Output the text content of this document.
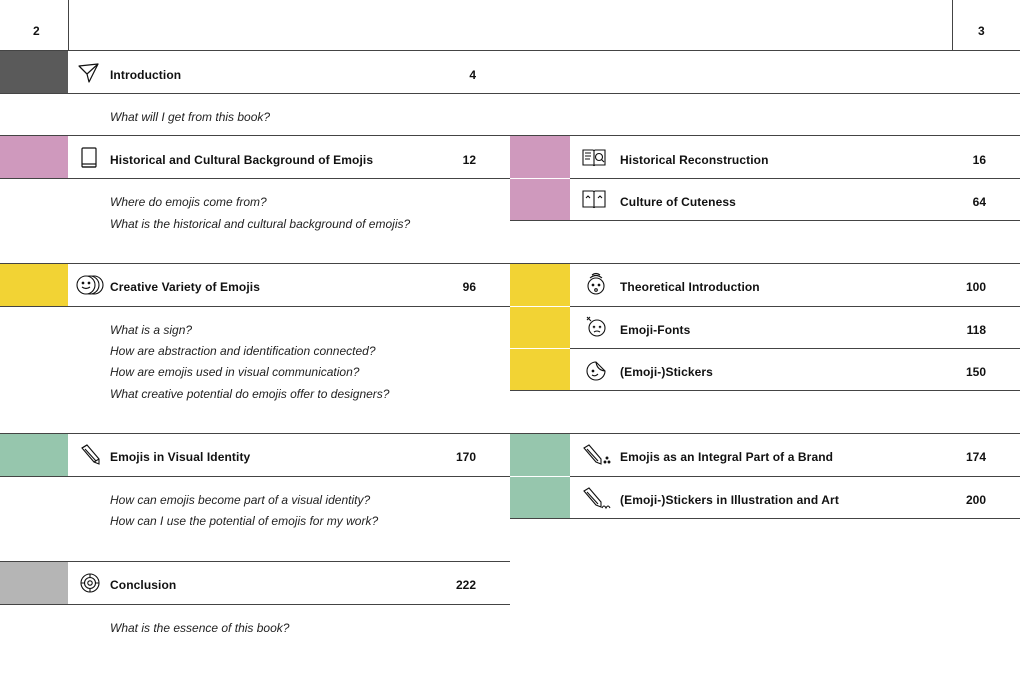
2	3
Introduction	4
What will I get from this book?
Historical and Cultural Background of Emojis	12
Where do emojis come from?
What is the historical and cultural background of emojis?
Historical Reconstruction	16
Culture of Cuteness	64
Creative Variety of Emojis	96
What is a sign?
How are abstraction and identification connected?
How are emojis used in visual communication?
What creative potential do emojis offer to designers?
Theoretical Introduction	100
Emoji-Fonts	118
(Emoji-)Stickers	150
Emojis in Visual Identity	170
How can emojis become part of a visual identity?
How can I use the potential of emojis for my work?
Emojis as an Integral Part of a Brand	174
(Emoji-)Stickers in Illustration and Art	200
Conclusion	222
What is the essence of this book?
